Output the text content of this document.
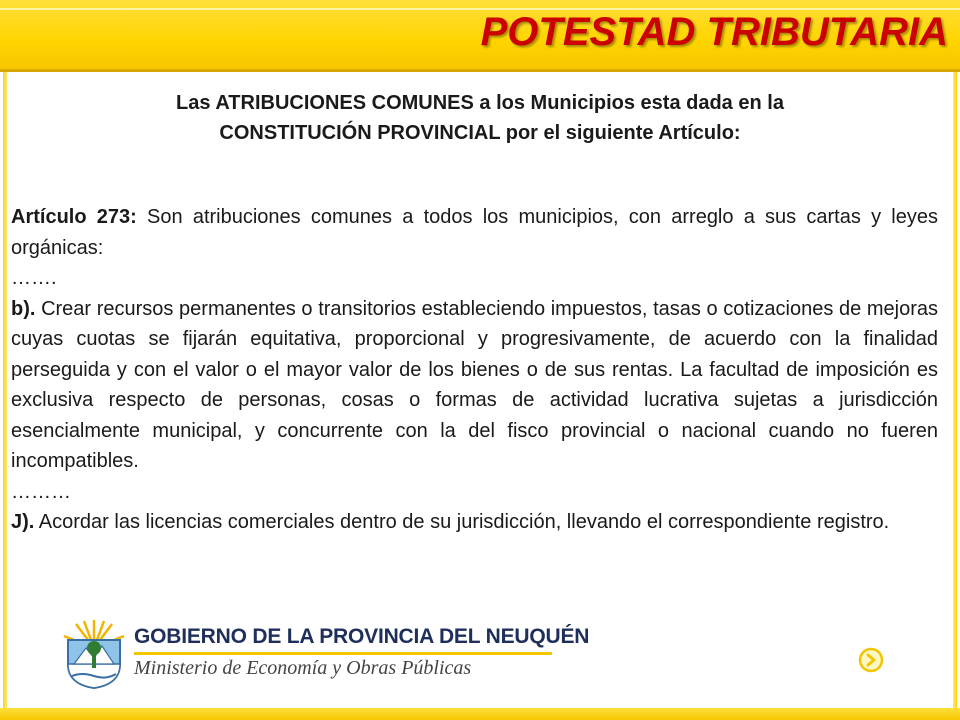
POTESTAD TRIBUTARIA
Las ATRIBUCIONES COMUNES a los Municipios esta dada en la
CONSTITUCIÓN PROVINCIAL por el siguiente Artículo:

Artículo 273: Son atribuciones comunes a todos los municipios, con arreglo a sus cartas y leyes orgánicas:

…….

b). Crear recursos permanentes o transitorios estableciendo impuestos, tasas o cotizaciones de mejoras cuyas cuotas se fijarán equitativa, proporcional y progresivamente, de acuerdo con la finalidad perseguida y con el valor o el mayor valor de los bienes o de sus rentas. La facultad de imposición es exclusiva respecto de personas, cosas o formas de actividad lucrativa sujetas a jurisdicción esencialmente municipal, y concurrente con la del fisco provincial o nacional cuando no fueren incompatibles.

………

J). Acordar las licencias comerciales dentro de su jurisdicción, llevando el correspondiente registro.

GOBIERNO DE LA PROVINCIA DEL NEUQUÉN
Ministerio de Economía y Obras Públicas
